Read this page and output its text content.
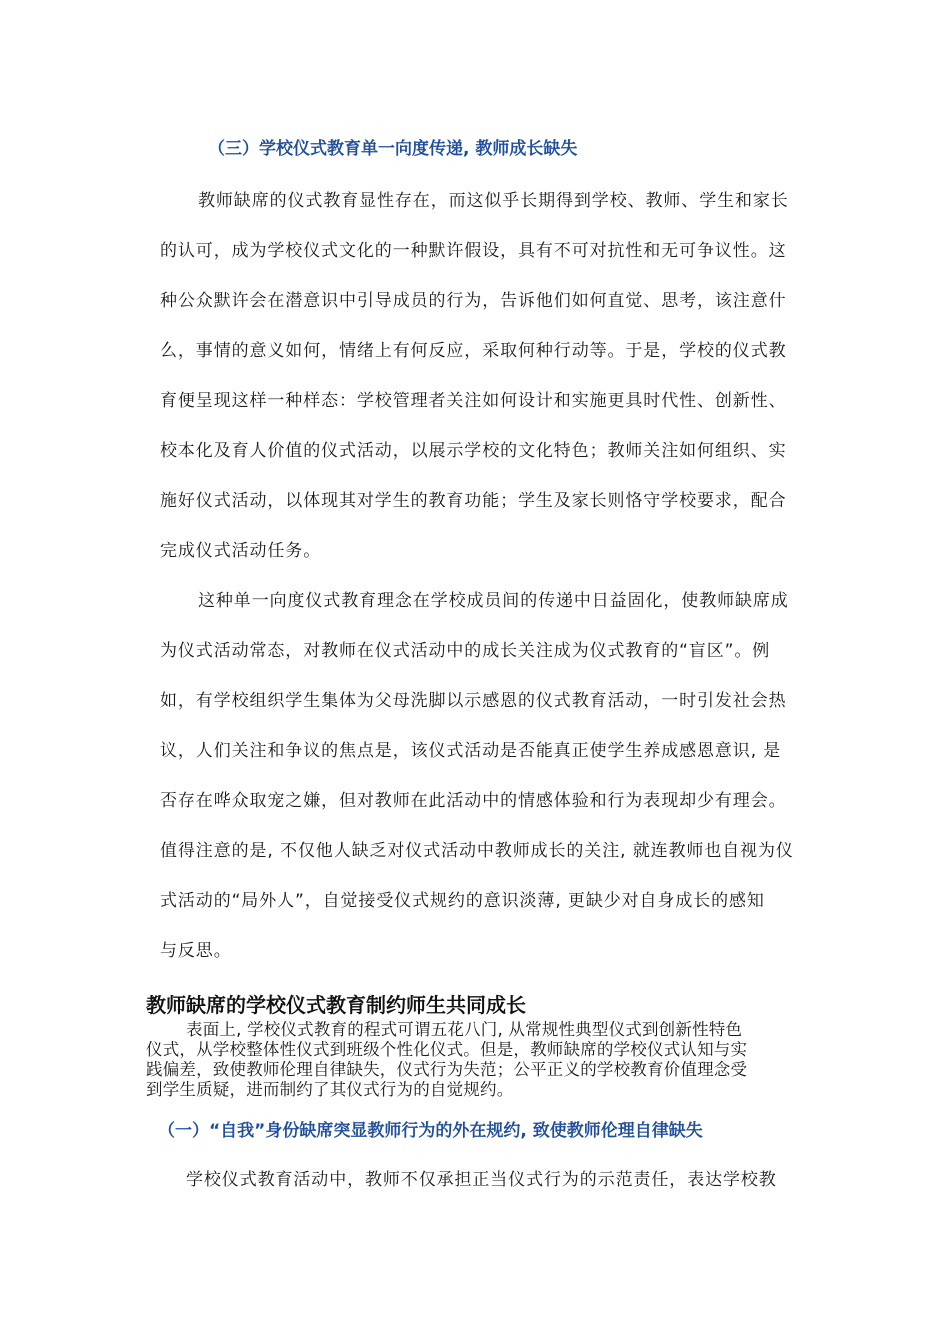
（三）学校仪式教育单一向度传递, 教师成长缺失
教师缺席的仪式教育显性存在，而这似乎长期得到学校、教师、学生和家长
的认可，成为学校仪式文化的一种默许假设，具有不可对抗性和无可争议性。这
种公众默许会在潜意识中引导成员的行为，告诉他们如何直觉、思考，该注意什
么，事情的意义如何，情绪上有何反应，采取何种行动等。于是，学校的仪式教
育便呈现这样一种样态：学校管理者关注如何设计和实施更具时代性、创新性、
校本化及育人价值的仪式活动，以展示学校的文化特色；教师关注如何组织、实
施好仪式活动，以体现其对学生的教育功能；学生及家长则恪守学校要求，配合
完成仪式活动任务。
这种单一向度仪式教育理念在学校成员间的传递中日益固化，使教师缺席成
为仪式活动常态，对教师在仪式活动中的成长关注成为仪式教育的“盲区”。例
如，有学校组织学生集体为父母洗脚以示感恩的仪式教育活动，一时引发社会热
议，人们关注和争议的焦点是，该仪式活动是否能真正使学生养成感恩意识, 是
否存在哗众取宠之嫌，但对教师在此活动中的情感体验和行为表现却少有理会。
值得注意的是, 不仅他人缺乏对仪式活动中教师成长的关注, 就连教师也自视为仪
式活动的“局外人”，自觉接受仪式规约的意识淡薄, 更缺少对自身成长的感知
与反思。
教师缺席的学校仪式教育制约师生共同成长
表面上, 学校仪式教育的程式可谓五花八门, 从常规性典型仪式到创新性特色
仪式，从学校整体性仪式到班级个性化仪式。但是，教师缺席的学校仪式认知与实
践偏差，致使教师伦理自律缺失，仪式行为失范；公平正义的学校教育价值理念受
到学生质疑，进而制约了其仪式行为的自觉规约。
（一）“自我”身份缺席突显教师行为的外在规约, 致使教师伦理自律缺失
学校仪式教育活动中，教师不仅承担正当仪式行为的示范责任，表达学校教
